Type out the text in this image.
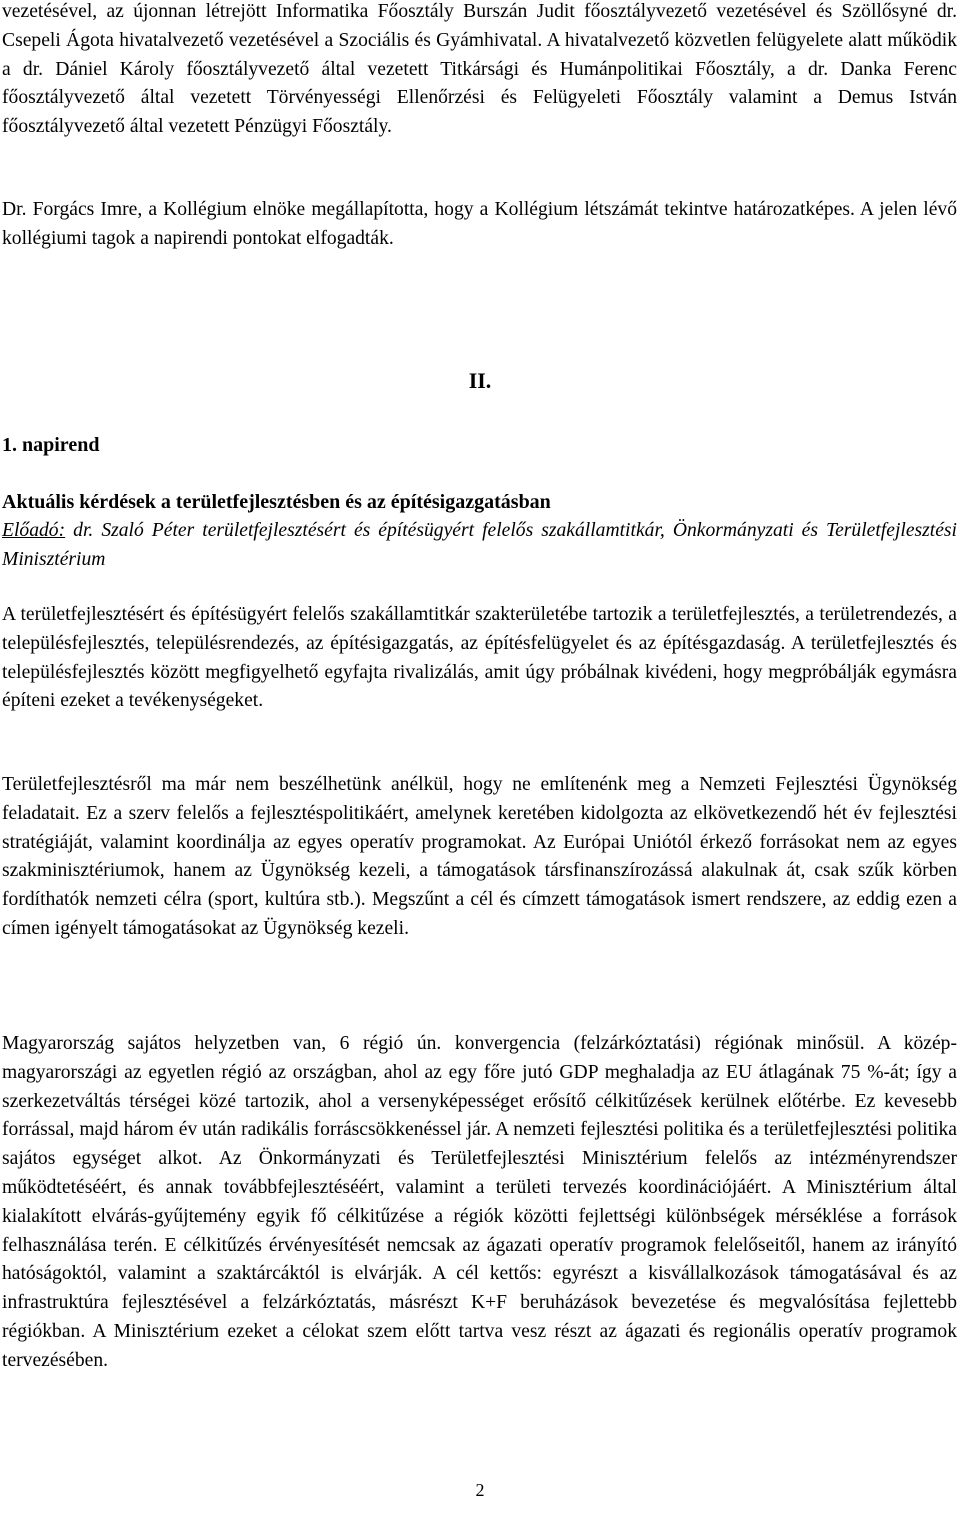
vezetésével, az újonnan létrejött Informatika Főosztály Burszán Judit főosztályvezető vezetésével és Szöllősyné dr. Csepeli Ágota hivatalvezető vezetésével a Szociális és Gyámhivatal. A hivatalvezető közvetlen felügyelete alatt működik a dr. Dániel Károly főosztályvezető által vezetett Titkársági és Humánpolitikai Főosztály, a dr. Danka Ferenc főosztályvezető által vezetett Törvényességi Ellenőrzési és Felügyeleti Főosztály valamint a Demus István főosztályvezető által vezetett Pénzügyi Főosztály.

Dr. Forgács Imre, a Kollégium elnöke megállapította, hogy a Kollégium létszámát tekintve határozatképes. A jelen lévő kollégiumi tagok a napirendi pontokat elfogadták.

II.

1. napirend

Aktuális kérdések a területfejlesztésben és az építésigazgatásban

Előadó: dr. Szaló Péter területfejlesztésért és építésügyért felelős szakállamtitkár, Önkormányzati és Területfejlesztési Minisztérium

A területfejlesztésért és építésügyért felelős szakállamtitkár szakterületébe tartozik a területfejlesztés, a területrendezés, a településfejlesztés, településrendezés, az építésigazgatás, az építésfelügyelet és az építésgazdaság. A területfejlesztés és településfejlesztés között megfigyelhető egyfajta rivalizálás, amit úgy próbálnak kivédeni, hogy megpróbálják egymásra építeni ezeket a tevékenységeket.

Területfejlesztésről ma már nem beszélhetünk anélkül, hogy ne említenénk meg a Nemzeti Fejlesztési Ügynökség feladatait. Ez a szerv felelős a fejlesztéspolitikáért, amelynek keretében kidolgozta az elkövetkezendő hét év fejlesztési stratégiáját, valamint koordinálja az egyes operatív programokat. Az Európai Uniótól érkező forrásokat nem az egyes szakminisztériumok, hanem az Ügynökség kezeli, a támogatások társfinanszírozássá alakulnak át, csak szűk körben fordíthatók nemzeti célra (sport, kultúra stb.). Megszűnt a cél és címzett támogatások ismert rendszere, az eddig ezen a címen igényelt támogatásokat az Ügynökség kezeli.

Magyarország sajátos helyzetben van, 6 régió ún. konvergencia (felzárkóztatási) régiónak minősül. A közép-magyarországi az egyetlen régió az országban, ahol az egy főre jutó GDP meghaladja az EU átlagának 75 %-át; így a szerkezetváltás térségei közé tartozik, ahol a versenyképességet erősítő célkitűzések kerülnek előtérbe. Ez kevesebb forrással, majd három év után radikális forráscsökkenéssel jár. A nemzeti fejlesztési politika és a területfejlesztési politika sajátos egységet alkot. Az Önkormányzati és Területfejlesztési Minisztérium felelős az intézményrendszer működtetéséért, és annak továbbfejlesztéséért, valamint a területi tervezés koordinációjáért. A Minisztérium által kialakított elvárás-gyűjtemény egyik fő célkitűzése a régiók közötti fejlettségi különbségek mérséklése a források felhasználása terén. E célkitűzés érvényesítését nemcsak az ágazati operatív programok felelőseitől, hanem az irányító hatóságoktól, valamint a szaktárcáktól is elvárják. A cél kettős: egyrészt a kisvállalkozások támogatásával és az infrastruktúra fejlesztésével a felzárkóztatás, másrészt K+F beruházások bevezetése és megvalósítása fejlettebb régiókban. A Minisztérium ezeket a célokat szem előtt tartva vesz részt az ágazati és regionális operatív programok tervezésében.

2
